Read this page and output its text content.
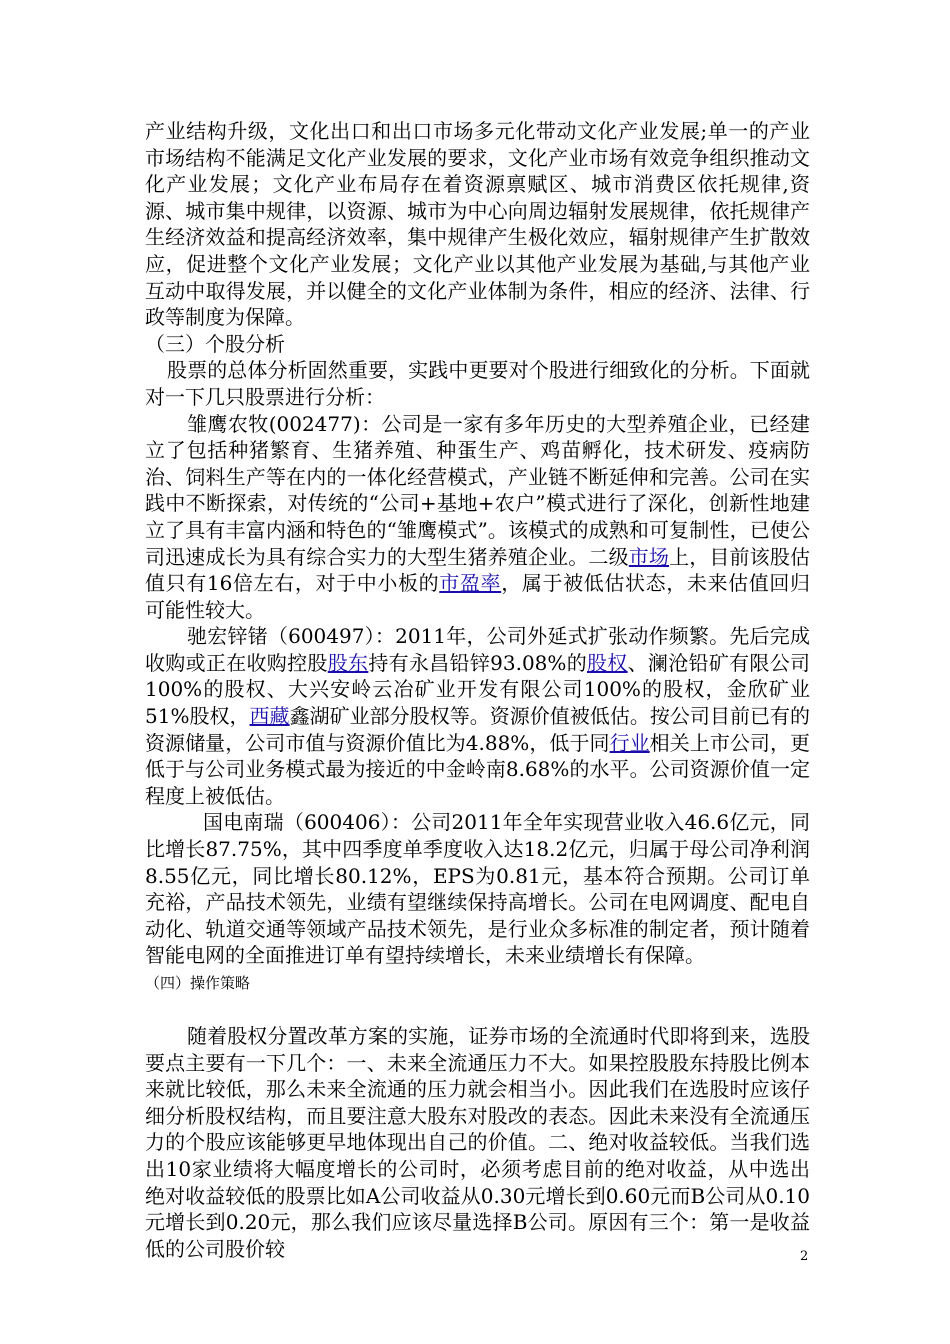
产业结构升级，文化出口和出口市场多元化带动文化产业发展;单一的产业市场结构不能满足文化产业发展的要求，文化产业市场有效竞争组织推动文化产业发展；文化产业布局存在着资源禀赋区、城市消费区依托规律,资源、城市集中规律，以资源、城市为中心向周边辐射发展规律，依托规律产生经济效益和提高经济效率，集中规律产生极化效应，辐射规律产生扩散效应，促进整个文化产业发展；文化产业以其他产业发展为基础,与其他产业互动中取得发展，并以健全的文化产业体制为条件，相应的经济、法律、行政等制度为保障。

（三）个股分析

股票的总体分析固然重要，实践中更要对个股进行细致化的分析。下面就对一下几只股票进行分析：

雏鹰农牧(002477)：公司是一家有多年历史的大型养殖企业，已经建立了包括种猪繁育、生猪养殖、种蛋生产、鸡苗孵化，技术研发、疫病防治、饲料生产等在内的一体化经营模式，产业链不断延伸和完善。公司在实践中不断探索，对传统的“公司+基地+农户”模式进行了深化，创新性地建立了具有丰富内涵和特色的“雏鹰模式”。该模式的成熟和可复制性，已使公司迅速成长为具有综合实力的大型生猪养殖企业。二级市场上，目前该股估值只有16倍左右，对于中小板的市盈率，属于被低估状态，未来估值回归可能性较大。

驰宏锌锗（600497）：2011年，公司外延式扩张动作频繁。先后完成收购或正在收购控股股东持有永昌铅锌93.08%的股权、澜沧铅矿有限公司100%的股权、大兴安岭云冶矿业开发有限公司100%的股权，金欣矿业51%股权，西藏鑫湖矿业部分股权等。资源价值被低估。按公司目前已有的资源储量，公司市值与资源价值比为4.88%，低于同行业相关上市公司，更低于与公司业务模式最为接近的中金岭南8.68%的水平。公司资源价值一定程度上被低估。

国电南瑞（600406）：公司2011年全年实现营业收入46.6亿元，同比增长87.75%，其中四季度单季度收入达18.2亿元，归属于母公司净利润8.55亿元，同比增长80.12%，EPS为0.81元，基本符合预期。公司订单充裕，产品技术领先，业绩有望继续保持高增长。公司在电网调度、配电自动化、轨道交通等领域产品技术领先，是行业众多标准的制定者，预计随着智能电网的全面推进订单有望持续增长，未来业绩增长有保障。

（四）操作策略

随着股权分置改革方案的实施，证券市场的全流通时代即将到来，选股要点主要有一下几个：一、未来全流通压力不大。如果控股股东持股比例本来就比较低，那么未来全流通的压力就会相当小。因此我们在选股时应该仔细分析股权结构，而且要注意大股东对股改的表态。因此未来没有全流通压力的个股应该能够更早地体现出自己的价值。二、绝对收益较低。当我们选出10家业绩将大幅度增长的公司时，必须考虑目前的绝对收益，从中选出绝对收益较低的股票比如A公司收益从0.30元增长到0.60元而B公司从0.10元增长到0.20元，那么我们应该尽量选择B公司。原因有三个：第一是收益低的公司股价较	2
